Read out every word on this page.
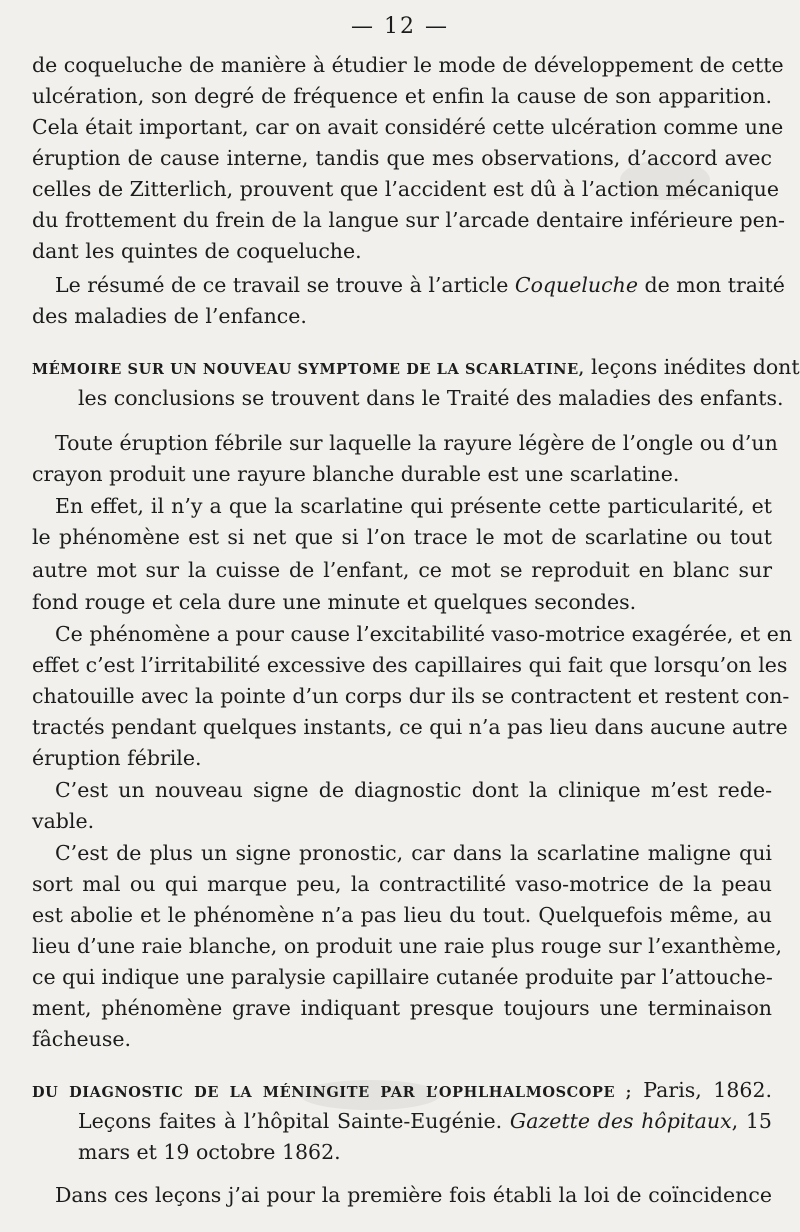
— 12 —
de coqueluche de manière à étudier le mode de développement de cette
ulcération, son degré de fréquence et enfin la cause de son apparition.
Cela était important, car on avait considéré cette ulcération comme une
éruption de cause interne, tandis que mes observations, d’accord avec
celles de Zitterlich, prouvent que l’accident est dû à l’action mécanique
du frottement du frein de la langue sur l’arcade dentaire inférieure pen-
dant les quintes de coqueluche.
Le résumé de ce travail se trouve à l’article Coqueluche de mon traité
des maladies de l’enfance.
MÉMOIRE SUR UN NOUVEAU SYMPTOME DE LA SCARLATINE, leçons inédites dont
les conclusions se trouvent dans le Traité des maladies des enfants.
Toute éruption fébrile sur laquelle la rayure légère de l’ongle ou d’un
crayon produit une rayure blanche durable est une scarlatine.
En effet, il n’y a que la scarlatine qui présente cette particularité, et
le phénomène est si net que si l’on trace le mot de scarlatine ou tout
autre mot sur la cuisse de l’enfant, ce mot se reproduit en blanc sur
fond rouge et cela dure une minute et quelques secondes.
Ce phénomène a pour cause l’excitabilité vaso-motrice exagérée, et en
effet c’est l’irritabilité excessive des capillaires qui fait que lorsqu’on les
chatouille avec la pointe d’un corps dur ils se contractent et restent con-
tractés pendant quelques instants, ce qui n’a pas lieu dans aucune autre
éruption fébrile.
C’est un nouveau signe de diagnostic dont la clinique m’est rede-
vable.
C’est de plus un signe pronostic, car dans la scarlatine maligne qui
sort mal ou qui marque peu, la contractilité vaso-motrice de la peau
est abolie et le phénomène n’a pas lieu du tout. Quelquefois même, au
lieu d’une raie blanche, on produit une raie plus rouge sur l’exanthème,
ce qui indique une paralysie capillaire cutanée produite par l’attouche-
ment, phénomène grave indiquant presque toujours une terminaison
fâcheuse.
DU DIAGNOSTIC DE LA MÉNINGITE PAR L’OPHLHALMOSCOPE ; Paris, 1862.
Leçons faites à l’hôpital Sainte-Eugénie. Gazette des hôpitaux, 15
mars et 19 octobre 1862.
Dans ces leçons j’ai pour la première fois établi la loi de coïncidence
